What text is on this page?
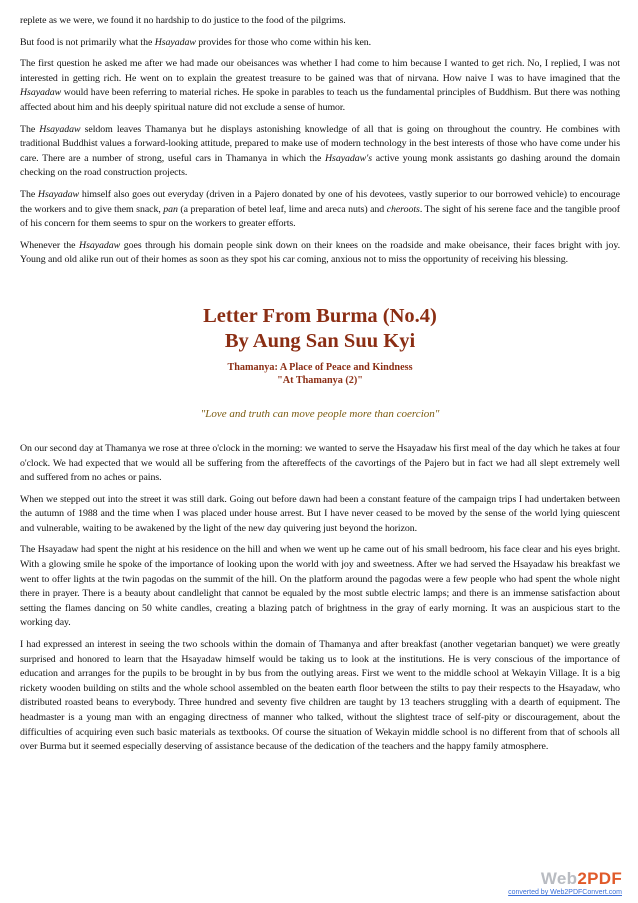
replete as we were, we found it no hardship to do justice to the food of the pilgrims.

But food is not primarily what the Hsayadaw provides for those who come within his ken.

The first question he asked me after we had made our obeisances was whether I had come to him because I wanted to get rich. No, I replied, I was not interested in getting rich. He went on to explain the greatest treasure to be gained was that of nirvana. How naive I was to have imagined that the Hsayadaw would have been referring to material riches. He spoke in parables to teach us the fundamental principles of Buddhism. But there was nothing affected about him and his deeply spiritual nature did not exclude a sense of humor.

The Hsayadaw seldom leaves Thamanya but he displays astonishing knowledge of all that is going on throughout the country. He combines with traditional Buddhist values a forward-looking attitude, prepared to make use of modern technology in the best interests of those who have come under his care. There are a number of strong, useful cars in Thamanya in which the Hsayadaw's active young monk assistants go dashing around the domain checking on the road construction projects.

The Hsayadaw himself also goes out everyday (driven in a Pajero donated by one of his devotees, vastly superior to our borrowed vehicle) to encourage the workers and to give them snack, pan (a preparation of betel leaf, lime and areca nuts) and cheroots. The sight of his serene face and the tangible proof of his concern for them seems to spur on the workers to greater efforts.

Whenever the Hsayadaw goes through his domain people sink down on their knees on the roadside and make obeisance, their faces bright with joy. Young and old alike run out of their homes as soon as they spot his car coming, anxious not to miss the opportunity of receiving his blessing.

Letter From Burma (No.4)

By Aung San Suu Kyi

Thamanya: A Place of Peace and Kindness

"At Thamanya (2)"

"Love and truth can move people more than coercion"

On our second day at Thamanya we rose at three o'clock in the morning: we wanted to serve the Hsayadaw his first meal of the day which he takes at four o'clock. We had expected that we would all be suffering from the aftereffects of the cavortings of the Pajero but in fact we had all slept extremely well and suffered from no aches or pains.

When we stepped out into the street it was still dark. Going out before dawn had been a constant feature of the campaign trips I had undertaken between the autumn of 1988 and the time when I was placed under house arrest. But I have never ceased to be moved by the sense of the world lying quiescent and vulnerable, waiting to be awakened by the light of the new day quivering just beyond the horizon.

The Hsayadaw had spent the night at his residence on the hill and when we went up he came out of his small bedroom, his face clear and his eyes bright. With a glowing smile he spoke of the importance of looking upon the world with joy and sweetness. After we had served the Hsayadaw his breakfast we went to offer lights at the twin pagodas on the summit of the hill. On the platform around the pagodas were a few people who had spent the whole night there in prayer. There is a beauty about candlelight that cannot be equaled by the most subtle electric lamps; and there is an immense satisfaction about setting the flames dancing on 50 white candles, creating a blazing patch of brightness in the gray of early morning. It was an auspicious start to the working day.

I had expressed an interest in seeing the two schools within the domain of Thamanya and after breakfast (another vegetarian banquet) we were greatly surprised and honored to learn that the Hsayadaw himself would be taking us to look at the institutions. He is very conscious of the importance of education and arranges for the pupils to be brought in by bus from the outlying areas. First we went to the middle school at Wekayin Village. It is a big rickety wooden building on stilts and the whole school assembled on the beaten earth floor between the stilts to pay their respects to the Hsayadaw, who distributed roasted beans to everybody. Three hundred and seventy five children are taught by 13 teachers struggling with a dearth of equipment. The headmaster is a young man with an engaging directness of manner who talked, without the slightest trace of self-pity or discouragement, about the difficulties of acquiring even such basic materials as textbooks. Of course the situation of Wekayin middle school is no different from that of schools all over Burma but it seemed especially deserving of assistance because of the dedication of the teachers and the happy family atmosphere.

Web2PDF
converted by Web2PDFConvert.com
